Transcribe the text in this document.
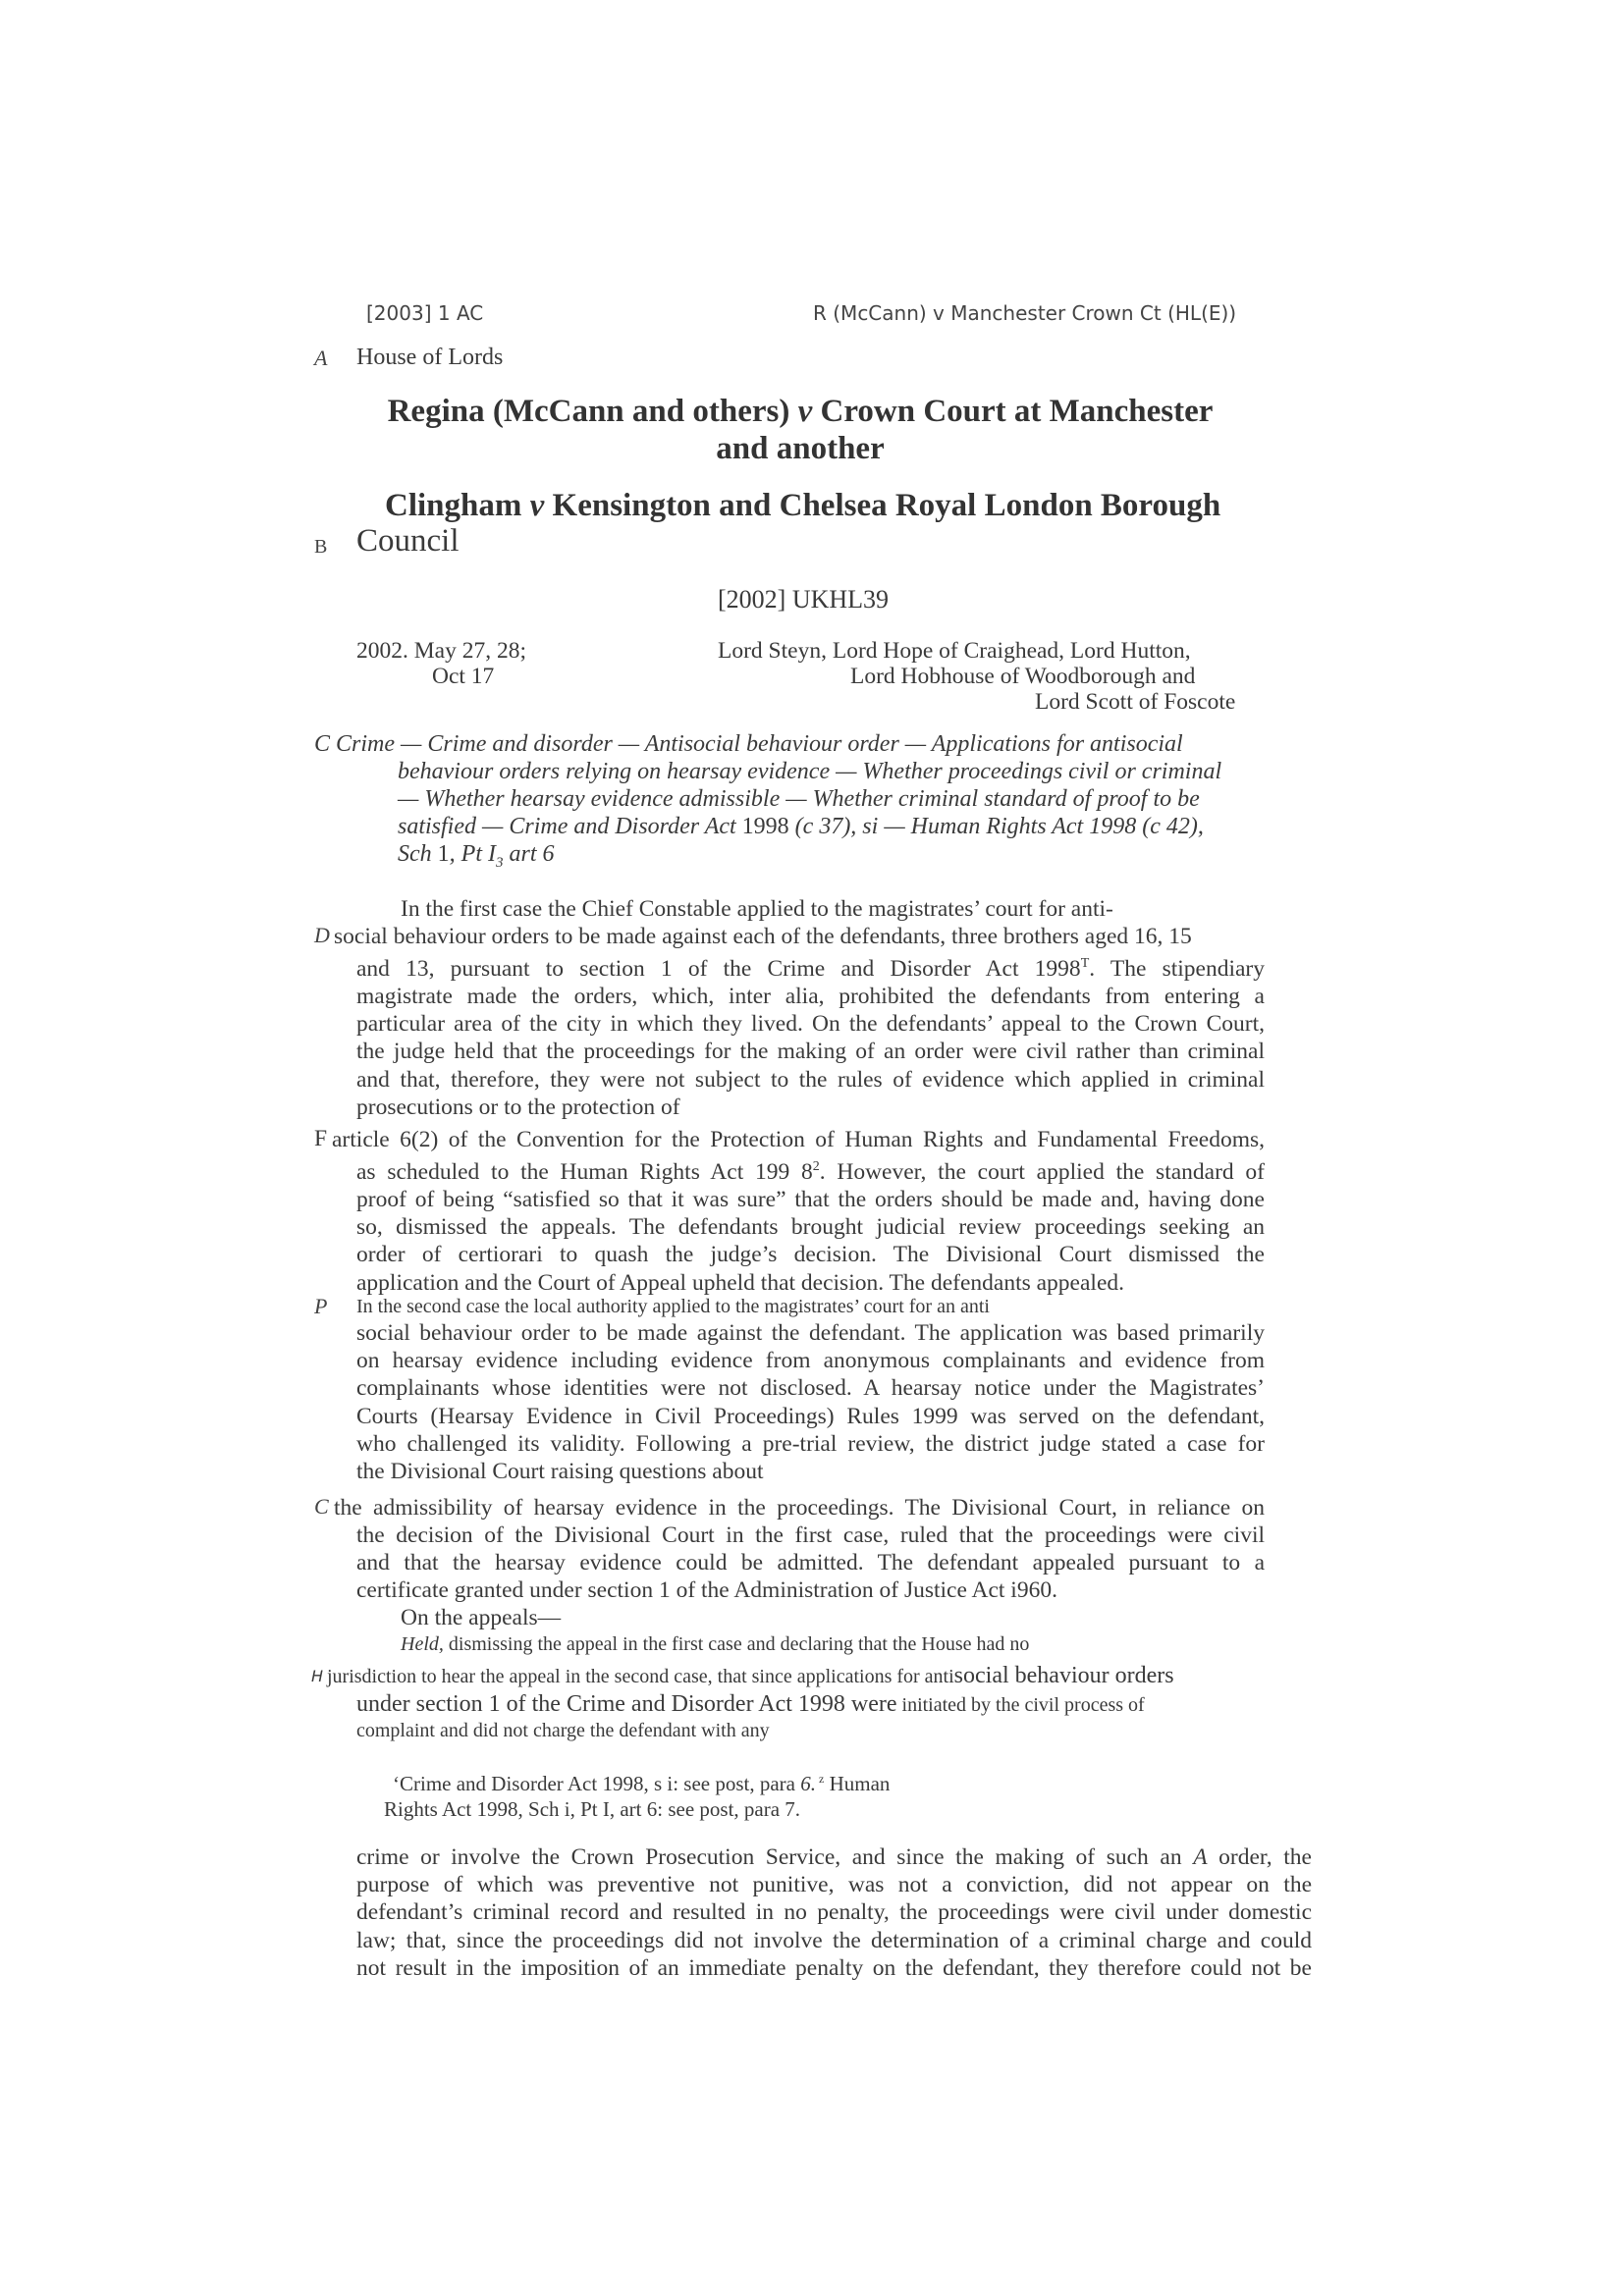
[2003] 1 AC	R (McCann) v Manchester Crown Ct (HL(E))
A House of Lords
Regina (McCann and others) v Crown Court at Manchester
and another
Clingham v Kensington and Chelsea Royal London Borough
B Council
[2002] UKHL39
2002. May 27, 28;
Oct 17
Lord Steyn, Lord Hope of Craighead, Lord Hutton,
Lord Hobhouse of Woodborough and
Lord Scott of Foscote
C Crime — Crime and disorder — Antisocial behaviour order — Applications for antisocial
behaviour orders relying on hearsay evidence — Whether proceedings civil or criminal
— Whether hearsay evidence admissible — Whether criminal standard of proof to be
satisfied — Crime and Disorder Act 1998 (c 37), si — Human Rights Act 1998 (c 42),
Sch 1, Pt $I_3$ art 6
In the first case the Chief Constable applied to the magistrates’ court for anti-
D social behaviour orders to be made against each of the defendants, three brothers aged 16, 15
and 13, pursuant to section 1 of the Crime and Disorder Act $1998^T$. The stipendiary
magistrate made the orders, which, inter alia, prohibited the defendants from entering a
particular area of the city in which they lived. On the defendants’ appeal to the Crown Court,
the judge held that the proceedings for the making of an order were civil rather than criminal
and that, therefore, they were not subject to the rules of evidence which applied in criminal
prosecutions or to the protection of
F article 6(2) of the Convention for the Protection of Human Rights and Fundamental Freedoms,
as scheduled to the Human Rights Act 199 $8^2$. However, the court applied the standard of
proof of being “satisfied so that it was sure” that the orders should be made and, having done
so, dismissed the appeals. The defendants brought judicial review proceedings seeking an
order of certiorari to quash the judge’s decision. The Divisional Court dismissed the
application and the Court of Appeal upheld that decision. The defendants appealed.
P In the second case the local authority applied to the magistrates’ court for an anti
social behaviour order to be made against the defendant. The application was based primarily
on hearsay evidence including evidence from anonymous complainants and evidence from
complainants whose identities were not disclosed. A hearsay notice under the Magistrates’
Courts (Hearsay Evidence in Civil Proceedings) Rules 1999 was served on the defendant,
who challenged its validity. Following a pre-trial review, the district judge stated a case for
the Divisional Court raising questions about
C the admissibility of hearsay evidence in the proceedings. The Divisional Court, in reliance on
the decision of the Divisional Court in the first case, ruled that the proceedings were civil
and that the hearsay evidence could be admitted. The defendant appealed pursuant to a
certificate granted under section 1 of the Administration of Justice Act i960.
On the appeals—
Held, dismissing the appeal in the first case and declaring that the House had no
H jurisdiction to hear the appeal in the second case, that since applications for antisocial behaviour orders
under section 1 of the Crime and Disorder Act 1998 were initiated by the civil process of
complaint and did not charge the defendant with any
‘Crime and Disorder Act 1998, s i: see post, para 6. $^z$ Human
Rights Act 1998, Sch i, Pt I, art 6: see post, para 7.
crime or involve the Crown Prosecution Service, and since the making of such an A order, the
purpose of which was preventive not punitive, was not a conviction, did not appear on the
defendant’s criminal record and resulted in no penalty, the proceedings were civil under domestic
law; that, since the proceedings did not involve the determination of a criminal charge and could
not result in the imposition of an immediate penalty on the defendant, they therefore could not be
